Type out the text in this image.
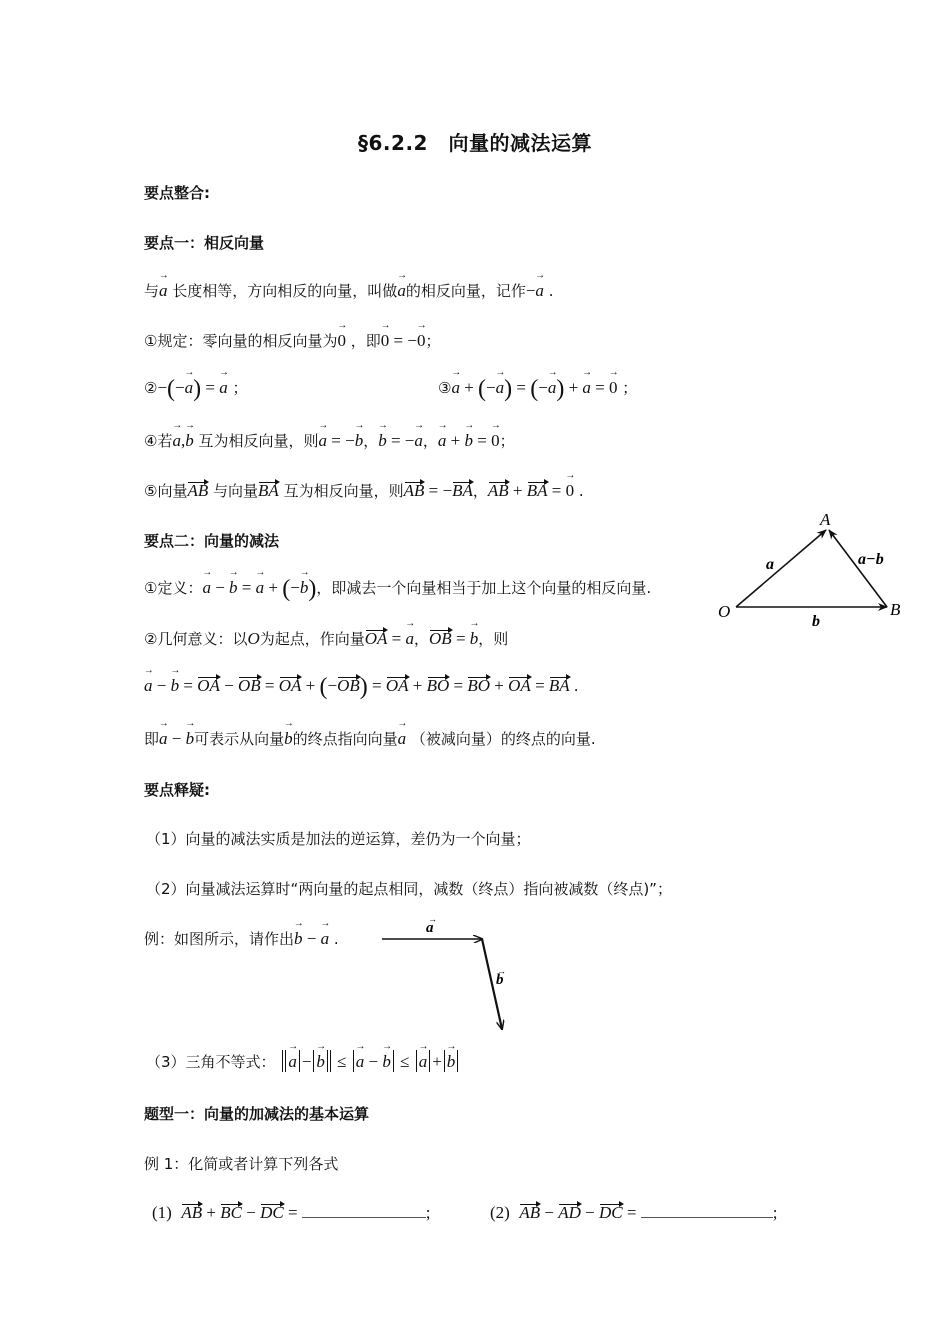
§6.2.2　向量的减法运算
要点整合:
要点一：相反向量
与→ a 长度相等，方向相反的向量，叫做→ a的相反向量，记作−→ a .
①规定：零向量的相反向量为→ 0 ，即→ 0 = −→ 0；
②−(−→ a) = → a ；	③→ a + (−→ a) = (−→ a) + → a = → 0 ；
④若→ a,→ b 互为相反向量，则→ a = −→ b，→ b = −→ a，→ a + → b = → 0；
⑤向量AB 与向量BA 互为相反向量，则AB = −BA，AB + BA = → 0 .
要点二：向量的减法
①定义：→ a − → b = → a + (−→ b)，即减去一个向量相当于加上这个向量的相反向量.
②几何意义：以O为起点，作向量OA = → a，OB = → b，则
→ a − → b = OA − OB = OA + (−OB) = OA + BO = BO + OA = BA .
即→ a − → b可表示从向量→ b的终点指向向量→ a （被减向量）的终点的向量.
A
O	B
a
b
a−b
要点释疑:
（1）向量的减法实质是加法的逆运算，差仍为一个向量；
（2）向量减法运算时“两向量的起点相同，减数（终点）指向被减数（终点)”；
例：如图所示，请作出→ b − → a .
a
→
b
→
（3）三角不等式： → a − → b ≤ → a − → b ≤ → a + → b
题型一：向量的加减法的基本运算
例 1：化简或者计算下列各式
(1) AB + BC − DC =	;	(2) AB − AD − DC =	;
